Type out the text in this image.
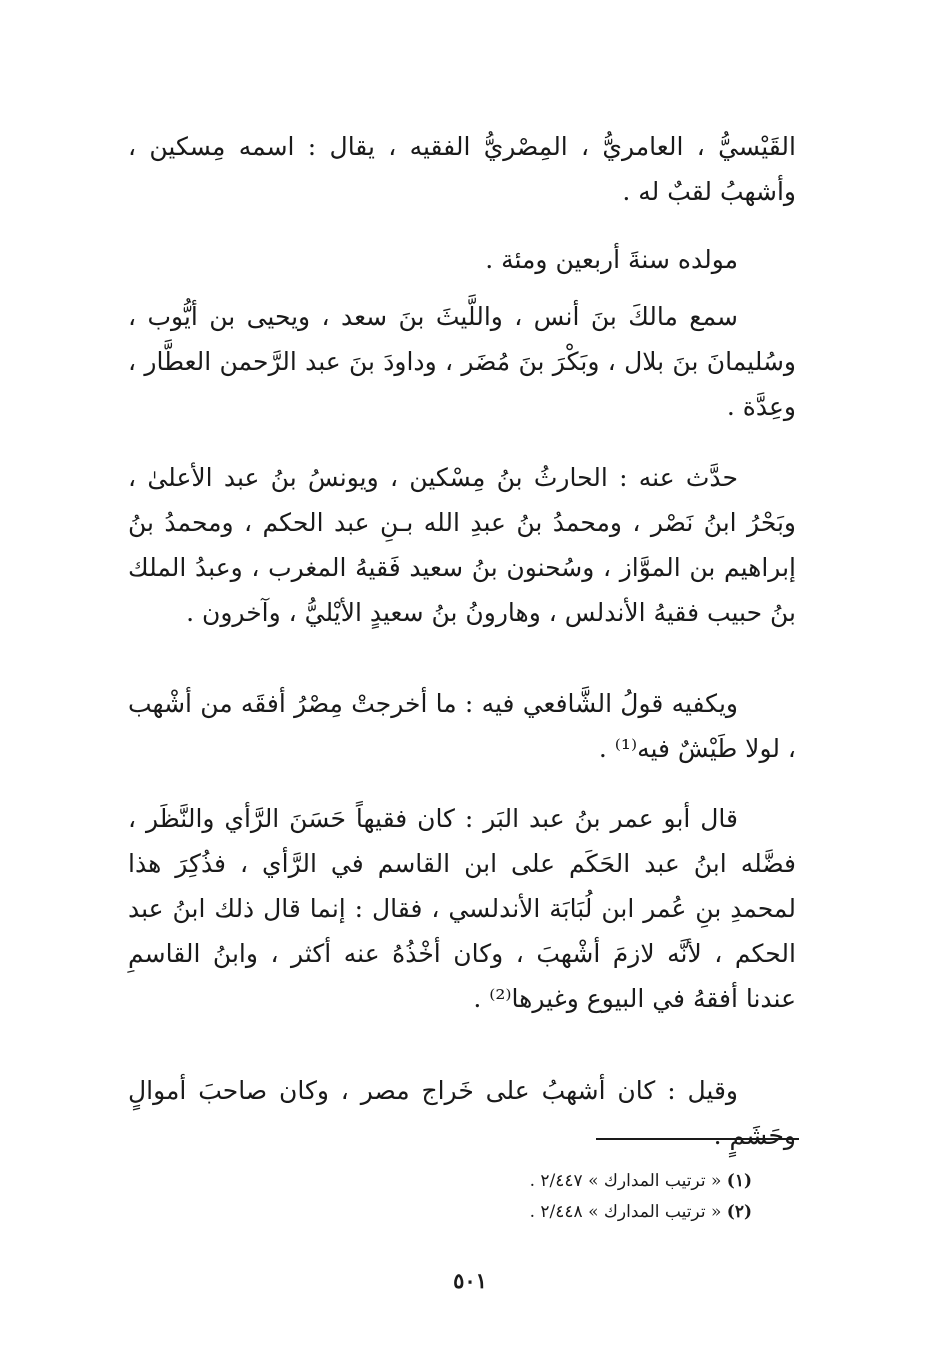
القَيْسيُّ ، العامريُّ ، المِصْريُّ الفقيه ، يقال : اسمه مِسكين ، وأشهبُ لقبٌ له .

مولده سنةَ أربعين ومئة .

سمع مالكَ بنَ أنس ، واللَّيثَ بنَ سعد ، ويحيى بن أيُّوب ، وسُليمانَ بنَ بلال ، وبَكْرَ بنَ مُضَر ، وداودَ بنَ عبد الرَّحمن العطَّار ، وعِدَّة .

حدَّث عنه : الحارثُ بنُ مِسْكين ، ويونسُ بنُ عبد الأعلىٰ ، وبَحْرُ ابنُ نَصْر ، ومحمدُ بنُ عبدِ الله بـنِ عبد الحكم ، ومحمدُ بنُ إبراهيم بن الموَّاز ، وسُحنون بنُ سعيد فَقيهُ المغرب ، وعبدُ الملك بنُ حبيب فقيهُ الأندلس ، وهارونُ بنُ سعيدٍ الأيْليُّ ، وآخرون .

ويكفيه قولُ الشَّافعي فيه : ما أخرجتْ مِصْرُ أفقَه من أشْهب ، لولا طَيْشٌ فيه⁽¹⁾ .

قال أبو عمر بنُ عبد البَر : كان فقيهاً حَسَنَ الرَّأي والنَّظَر ، فضَّله ابنُ عبد الحَكَم على ابن القاسم في الرَّأي ، فذُكِرَ هذا لمحمدِ بنِ عُمر ابن لُبَابَة الأندلسي ، فقال : إنما قال ذلك ابنُ عبد الحكم ، لأنَّه لازمَ أشْهبَ ، وكان أخْذُهُ عنه أكثر ، وابنُ القاسمِ عندنا أفقهُ في البيوع وغيرها⁽²⁾ .

وقيل : كان أشهبُ على خَراج مصر ، وكان صاحبَ أموالٍ وحَشَمٍ .

(١) « ترتيب المدارك » ٢/٤٤٧ .

(٢) « ترتيب المدارك » ٢/٤٤٨ .

٥٠١
